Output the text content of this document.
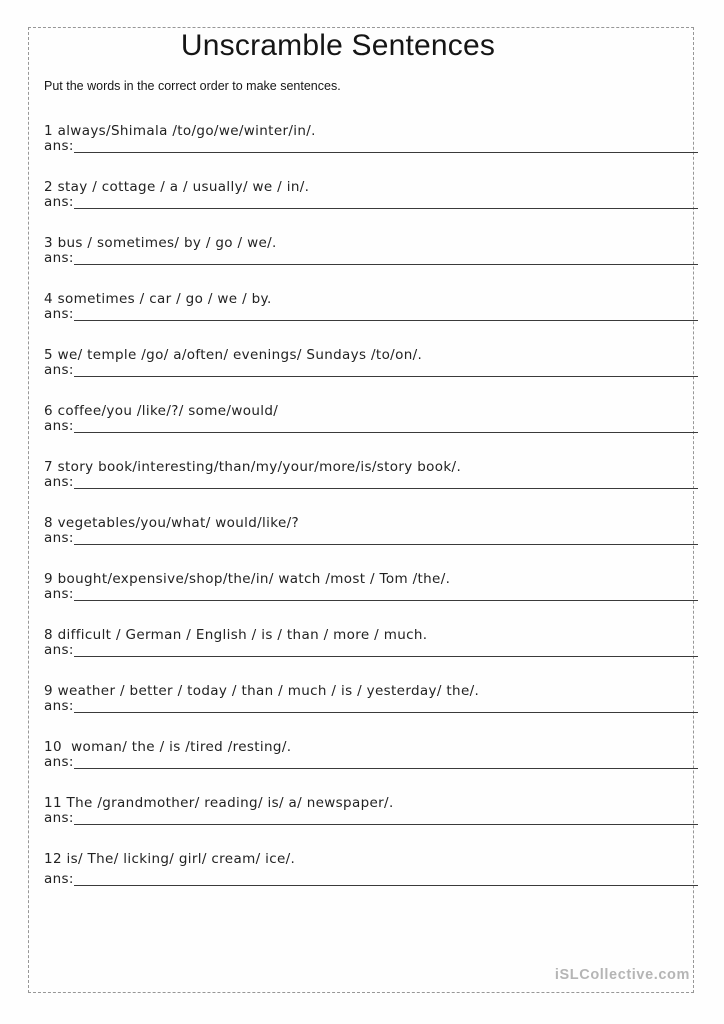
Unscramble Sentences

Put the words in the correct order to make sentences.

1 always/Shimala /to/go/we/winter/in/.
ans:
2 stay / cottage / a / usually/ we / in/.
ans:
3 bus / sometimes/ by / go / we/.
ans:
4 sometimes / car / go / we / by.
ans:
5 we/ temple /go/ a/often/ evenings/ Sundays /to/on/.
ans:
6 coffee/you /like/?/ some/would/
ans:
7 story book/interesting/than/my/your/more/is/story book/.
ans:
8 vegetables/you/what/ would/like/?
ans:
9 bought/expensive/shop/the/in/ watch /most / Tom /the/.
ans:
8 difficult / German / English / is / than / more / much.
ans:
9 weather / better / today / than / much / is / yesterday/ the/.
ans:
10  woman/ the / is /tired /resting/.
ans:
11 The /grandmother/ reading/ is/ a/ newspaper/.
ans:
12 is/ The/ licking/ girl/ cream/ ice/.
ans:
iSLCollective.com
